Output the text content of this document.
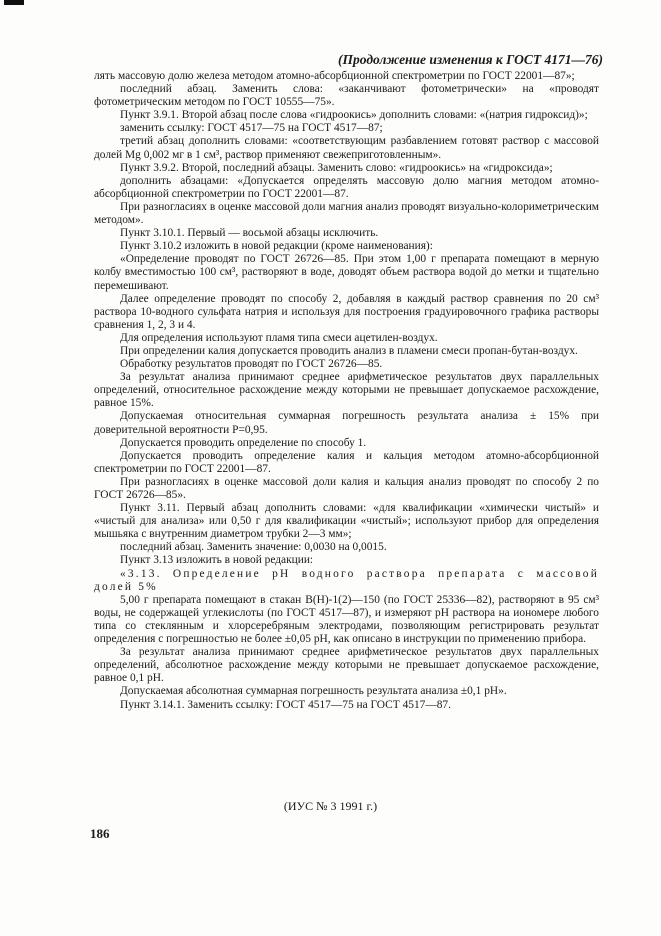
(Продолжение изменения к ГОСТ 4171—76)

лять массовую долю железа методом атомно-абсорбционной спектрометрии по ГОСТ 22001—87»;

последний абзац. Заменить слова: «заканчивают фотометрически» на «проводят фотометрическим методом по ГОСТ 10555—75».

Пункт 3.9.1. Второй абзац после слова «гидроокись» дополнить словами: «(натрия гидроксид)»;

заменить ссылку: ГОСТ 4517—75 на ГОСТ 4517—87;

третий абзац дополнить словами: «соответствующим разбавлением готовят раствор с массовой долей Mg 0,002 мг в 1 см³, раствор применяют свежеприготовленным».

Пункт 3.9.2. Второй, последний абзацы. Заменить слово: «гидроокись» на «гидроксида»;

дополнить абзацами: «Допускается определять массовую долю магния методом атомно-абсорбционной спектрометрии по ГОСТ 22001—87.

При разногласиях в оценке массовой доли магния анализ проводят визуально-колориметрическим методом».

Пункт 3.10.1. Первый — восьмой абзацы исключить.

Пункт 3.10.2 изложить в новой редакции (кроме наименования):

«Определение проводят по ГОСТ 26726—85. При этом 1,00 г препарата помещают в мерную колбу вместимостью 100 см³, растворяют в воде, доводят объем раствора водой до метки и тщательно перемешивают.

Далее определение проводят по способу 2, добавляя в каждый раствор сравнения по 20 см³ раствора 10-водного сульфата натрия и используя для построения градуировочного графика растворы сравнения 1, 2, 3 и 4.

Для определения используют пламя типа смеси ацетилен-воздух.

При определении калия допускается проводить анализ в пламени смеси пропан-бутан-воздух.

Обработку результатов проводят по ГОСТ 26726—85.

За результат анализа принимают среднее арифметическое результатов двух параллельных определений, относительное расхождение между которыми не превышает допускаемое расхождение, равное 15%.

Допускаемая относительная суммарная погрешность результата анализа ± 15% при доверительной вероятности P=0,95.

Допускается проводить определение по способу 1.

Допускается проводить определение калия и кальция методом атомно-абсорбционной спектрометрии по ГОСТ 22001—87.

При разногласиях в оценке массовой доли калия и кальция анализ проводят по способу 2 по ГОСТ 26726—85».

Пункт 3.11. Первый абзац дополнить словами: «для квалификации «химически чистый» и «чистый для анализа» или 0,50 г для квалификации «чистый»; используют прибор для определения мышьяка с внутренним диаметром трубки 2—3 мм»;

последний абзац. Заменить значение: 0,0030 на 0,0015.

Пункт 3.13 изложить в новой редакции:

«3.13. Определение pH водного раствора препарата с массовой долей 5%

5,00 г препарата помещают в стакан В(Н)-1(2)—150 (по ГОСТ 25336—82), растворяют в 95 см³ воды, не содержащей углекислоты (по ГОСТ 4517—87), и измеряют pH раствора на иономере любого типа со стеклянным и хлорсеребряным электродами, позволяющим регистрировать результат определения с погрешностью не более ±0,05 pH, как описано в инструкции по применению прибора.

За результат анализа принимают среднее арифметическое результатов двух параллельных определений, абсолютное расхождение между которыми не превышает допускаемое расхождение, равное 0,1 pH.

Допускаемая абсолютная суммарная погрешность результата анализа ±0,1 pH».

Пункт 3.14.1. Заменить ссылку: ГОСТ 4517—75 на ГОСТ 4517—87.

(ИУС № 3 1991 г.)
186
